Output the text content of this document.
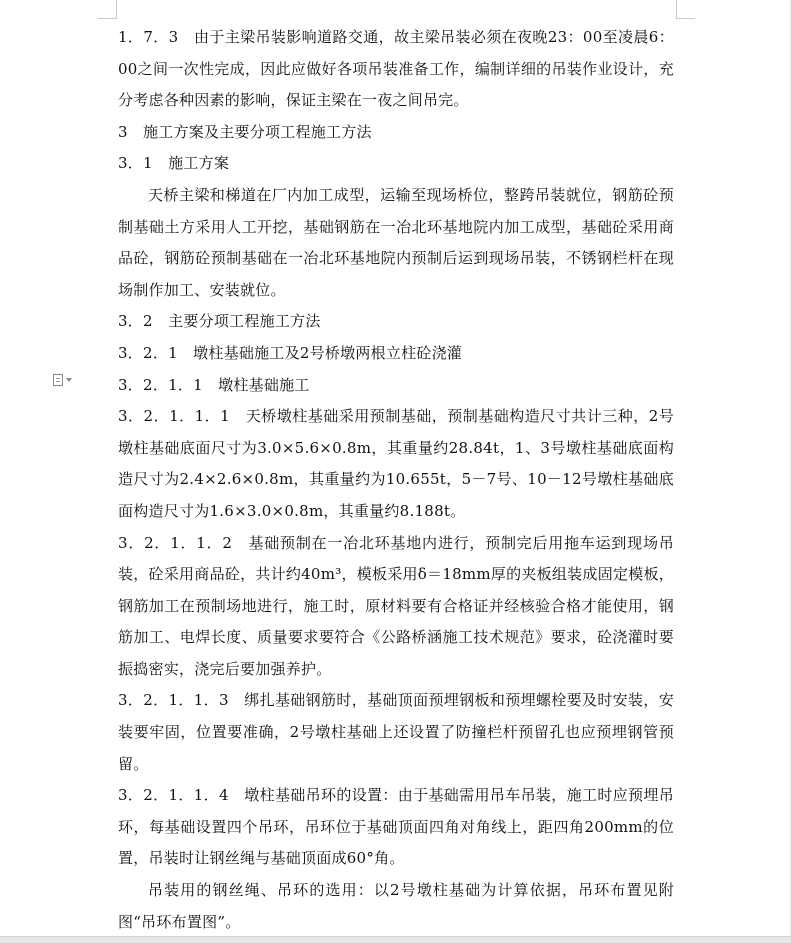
1．7．3　由于主梁吊装影响道路交通，故主梁吊装必须在夜晚23：00至凌晨6：00之间一次性完成，因此应做好各项吊装准备工作，编制详细的吊装作业设计，充分考虑各种因素的影响，保证主梁在一夜之间吊完。

3　施工方案及主要分项工程施工方法

3．1　施工方案

天桥主梁和梯道在厂内加工成型，运输至现场桥位，整跨吊装就位，钢筋砼预制基础土方采用人工开挖，基础钢筋在一冶北环基地院内加工成型，基础砼采用商品砼，钢筋砼预制基础在一冶北环基地院内预制后运到现场吊装，不锈钢栏杆在现场制作加工、安装就位。

3．2　主要分项工程施工方法

3．2．1　墩柱基础施工及2号桥墩两根立柱砼浇灌

3．2．1．1　墩柱基础施工

3．2．1．1．1　天桥墩柱基础采用预制基础，预制基础构造尺寸共计三种，2号墩柱基础底面尺寸为3.0×5.6×0.8m，其重量约28.84t，1、3号墩柱基础底面构造尺寸为2.4×2.6×0.8m，其重量约为10.655t，5－7号、10－12号墩柱基础底面构造尺寸为1.6×3.0×0.8m，其重量约8.188t。

3．2．1．1．2　基础预制在一冶北环基地内进行，预制完后用拖车运到现场吊装，砼采用商品砼，共计约40m³，模板采用δ＝18mm厚的夹板组装成固定模板，钢筋加工在预制场地进行，施工时，原材料要有合格证并经核验合格才能使用，钢筋加工、电焊长度、质量要求要符合《公路桥涵施工技术规范》要求，砼浇灌时要振捣密实，浇完后要加强养护。

3．2．1．1．3　绑扎基础钢筋时，基础顶面预埋钢板和预埋螺栓要及时安装，安装要牢固，位置要准确，2号墩柱基础上还设置了防撞栏杆预留孔也应预埋钢管预留。

3．2．1．1．4　墩柱基础吊环的设置：由于基础需用吊车吊装，施工时应预埋吊环，每基础设置四个吊环，吊环位于基础顶面四角对角线上，距四角200mm的位置，吊装时让钢丝绳与基础顶面成60°角。

吊装用的钢丝绳、吊环的选用：以2号墩柱基础为计算依据，吊环布置见附图“吊环布置图”。
